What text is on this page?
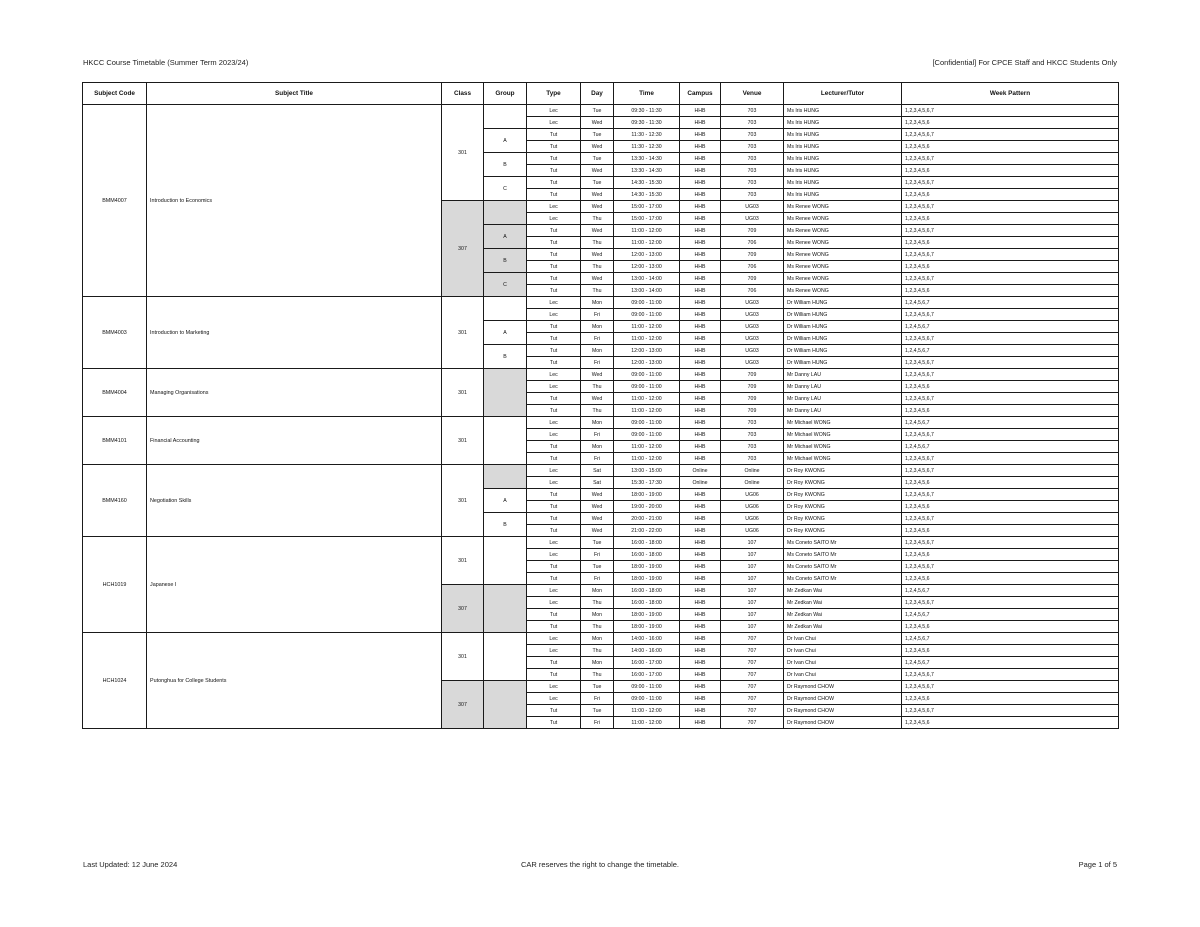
HKCC Course Timetable (Summer Term 2023/24)	[Confidential] For CPCE Staff and HKCC Students Only
Subject Code	Subject Title	Class	Group	Type	Day	Time	Campus	Venue	Lecturer/Tutor	Week Pattern
BMM4007	Introduction to Economics	301		Lec	Tue	09:30 - 11:30	HHB	703	Ms Iris HUNG	1,2,3,4,5,6,7
				Lec	Wed	09:30 - 11:30	HHB	703	Ms Iris HUNG	1,2,3,4,5,6
			A	Tut	Tue	11:30 - 12:30	HHB	703	Ms Iris HUNG	1,2,3,4,5,6,7
				Tut	Wed	11:30 - 12:30	HHB	703	Ms Iris HUNG	1,2,3,4,5,6
			B	Tut	Tue	13:30 - 14:30	HHB	703	Ms Iris HUNG	1,2,3,4,5,6,7
				Tut	Wed	13:30 - 14:30	HHB	703	Ms Iris HUNG	1,2,3,4,5,6
			C	Tut	Tue	14:30 - 15:30	HHB	703	Ms Iris HUNG	1,2,3,4,5,6,7
				Tut	Wed	14:30 - 15:30	HHB	703	Ms Iris HUNG	1,2,3,4,5,6
		307		Lec	Wed	15:00 - 17:00	HHB	UG03	Ms Renee WONG	1,2,3,4,5,6,7
				Lec	Thu	15:00 - 17:00	HHB	UG03	Ms Renee WONG	1,2,3,4,5,6
			A	Tut	Wed	11:00 - 12:00	HHB	709	Ms Renee WONG	1,2,3,4,5,6,7
				Tut	Thu	11:00 - 12:00	HHB	706	Ms Renee WONG	1,2,3,4,5,6
			B	Tut	Wed	12:00 - 13:00	HHB	709	Ms Renee WONG	1,2,3,4,5,6,7
				Tut	Thu	12:00 - 13:00	HHB	706	Ms Renee WONG	1,2,3,4,5,6
			C	Tut	Wed	13:00 - 14:00	HHB	709	Ms Renee WONG	1,2,3,4,5,6,7
				Tut	Thu	13:00 - 14:00	HHB	706	Ms Renee WONG	1,2,3,4,5,6
BMM4003	Introduction to Marketing	301		Lec	Mon	09:00 - 11:00	HHB	UG03	Dr William HUNG	1,2,4,5,6,7
				Lec	Fri	09:00 - 11:00	HHB	UG03	Dr William HUNG	1,2,3,4,5,6,7
			A	Tut	Mon	11:00 - 12:00	HHB	UG03	Dr William HUNG	1,2,4,5,6,7
				Tut	Fri	11:00 - 12:00	HHB	UG03	Dr William HUNG	1,2,3,4,5,6,7
			B	Tut	Mon	12:00 - 13:00	HHB	UG03	Dr William HUNG	1,2,4,5,6,7
				Tut	Fri	12:00 - 13:00	HHB	UG03	Dr William HUNG	1,2,3,4,5,6,7
BMM4004	Managing Organisations	301		Lec	Wed	09:00 - 11:00	HHB	709	Mr Danny LAU	1,2,3,4,5,6,7
				Lec	Thu	09:00 - 11:00	HHB	709	Mr Danny LAU	1,2,3,4,5,6
				Tut	Wed	11:00 - 12:00	HHB	709	Mr Danny LAU	1,2,3,4,5,6,7
				Tut	Thu	11:00 - 12:00	HHB	709	Mr Danny LAU	1,2,3,4,5,6
BMM4101	Financial Accounting	301		Lec	Mon	09:00 - 11:00	HHB	703	Mr Michael WONG	1,2,4,5,6,7
				Lec	Fri	09:00 - 11:00	HHB	703	Mr Michael WONG	1,2,3,4,5,6,7
				Tut	Mon	11:00 - 12:00	HHB	703	Mr Michael WONG	1,2,4,5,6,7
				Tut	Fri	11:00 - 12:00	HHB	703	Mr Michael WONG	1,2,3,4,5,6,7
BMM4160	Negotiation Skills	301		Lec	Sat	13:00 - 15:00	Online	Online	Dr Roy KWONG	1,2,3,4,5,6,7
				Lec	Sat	15:30 - 17:30	Online	Online	Dr Roy KWONG	1,2,3,4,5,6
			A	Tut	Wed	18:00 - 19:00	HHB	UG06	Dr Roy KWONG	1,2,3,4,5,6,7
				Tut	Wed	19:00 - 20:00	HHB	UG06	Dr Roy KWONG	1,2,3,4,5,6
			B	Tut	Wed	20:00 - 21:00	HHB	UG06	Dr Roy KWONG	1,2,3,4,5,6,7
				Tut	Wed	21:00 - 22:00	HHB	UG06	Dr Roy KWONG	1,2,3,4,5,6
HCH1019	Japanese I	301		Lec	Tue	16:00 - 18:00	HHB	107	Ms Coneto SAITO Mr	1,2,3,4,5,6,7
				Lec	Fri	16:00 - 18:00	HHB	107	Ms Coneto SAITO Mr	1,2,3,4,5,6
				Tut	Tue	18:00 - 19:00	HHB	107	Ms Coneto SAITO Mr	1,2,3,4,5,6,7
				Tut	Fri	18:00 - 19:00	HHB	107	Ms Coneto SAITO Mr	1,2,3,4,5,6
		307		Lec	Mon	16:00 - 18:00	HHB	107	Mr Zedkan Wai	1,2,4,5,6,7
				Lec	Thu	16:00 - 18:00	HHB	107	Mr Zedkan Wai	1,2,3,4,5,6,7
				Tut	Mon	18:00 - 19:00	HHB	107	Mr Zedkan Wai	1,2,4,5,6,7
				Tut	Thu	18:00 - 19:00	HHB	107	Mr Zedkan Wai	1,2,3,4,5,6
HCH1024	Putonghua for College Students	301		Lec	Mon	14:00 - 16:00	HHB	707	Dr Ivan Chui	1,2,4,5,6,7
				Lec	Thu	14:00 - 16:00	HHB	707	Dr Ivan Chui	1,2,3,4,5,6
				Tut	Mon	16:00 - 17:00	HHB	707	Dr Ivan Chui	1,2,4,5,6,7
				Tut	Thu	16:00 - 17:00	HHB	707	Dr Ivan Chui	1,2,3,4,5,6,7
		307		Lec	Tue	09:00 - 11:00	HHB	707	Dr Raymond CHOW	1,2,3,4,5,6,7
				Lec	Fri	09:00 - 11:00	HHB	707	Dr Raymond CHOW	1,2,3,4,5,6
				Tut	Tue	11:00 - 12:00	HHB	707	Dr Raymond CHOW	1,2,3,4,5,6,7
				Tut	Fri	11:00 - 12:00	HHB	707	Dr Raymond CHOW	1,2,3,4,5,6
Last Updated: 12 June 2024	CAR reserves the right to change the timetable.	Page 1 of 5
